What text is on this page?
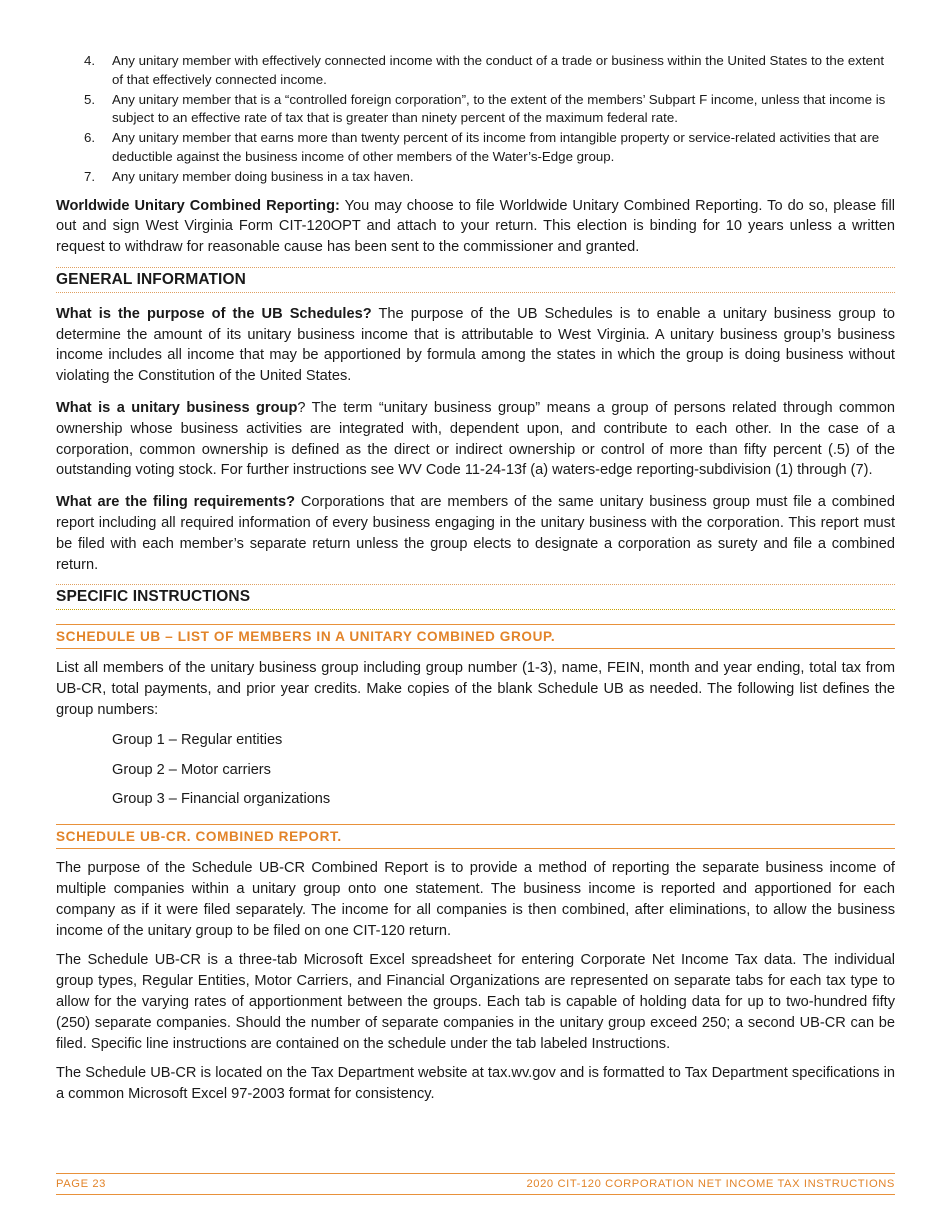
4. Any unitary member with effectively connected income with the conduct of a trade or business within the United States to the extent of that effectively connected income.
5. Any unitary member that is a “controlled foreign corporation”, to the extent of the members’ Subpart F income, unless that income is subject to an effective rate of tax that is greater than ninety percent of the maximum federal rate.
6. Any unitary member that earns more than twenty percent of its income from intangible property or service-related activities that are deductible against the business income of other members of the Water’s-Edge group.
7. Any unitary member doing business in a tax haven.

Worldwide Unitary Combined Reporting: You may choose to file Worldwide Unitary Combined Reporting. To do so, please fill out and sign West Virginia Form CIT-120OPT and attach to your return. This election is binding for 10 years unless a written request to withdraw for reasonable cause has been sent to the commissioner and granted.

GENERAL INFORMATION

What is the purpose of the UB Schedules? The purpose of the UB Schedules is to enable a unitary business group to determine the amount of its unitary business income that is attributable to West Virginia. A unitary business group’s business income includes all income that may be apportioned by formula among the states in which the group is doing business without violating the Constitution of the United States.

What is a unitary business group? The term “unitary business group” means a group of persons related through common ownership whose business activities are integrated with, dependent upon, and contribute to each other. In the case of a corporation, common ownership is defined as the direct or indirect ownership or control of more than fifty percent (.5) of the outstanding voting stock. For further instructions see WV Code 11-24-13f (a) waters-edge reporting-subdivision (1) through (7).

What are the filing requirements? Corporations that are members of the same unitary business group must file a combined report including all required information of every business engaging in the unitary business with the corporation. This report must be filed with each member’s separate return unless the group elects to designate a corporation as surety and file a combined return.

SPECIFIC INSTRUCTIONS
SCHEDULE UB – LIST OF MEMBERS IN A UNITARY COMBINED GROUP.

List all members of the unitary business group including group number (1-3), name, FEIN, month and year ending, total tax from UB-CR, total payments, and prior year credits. Make copies of the blank Schedule UB as needed. The following list defines the group numbers:

Group 1 – Regular entities

Group 2 – Motor carriers

Group 3 – Financial organizations

SCHEDULE UB-CR. COMBINED REPORT.

The purpose of the Schedule UB-CR Combined Report is to provide a method of reporting the separate business income of multiple companies within a unitary group onto one statement. The business income is reported and apportioned for each company as if it were filed separately. The income for all companies is then combined, after eliminations, to allow the business income of the unitary group to be filed on one CIT-120 return.

The Schedule UB-CR is a three-tab Microsoft Excel spreadsheet for entering Corporate Net Income Tax data. The individual group types, Regular Entities, Motor Carriers, and Financial Organizations are represented on separate tabs for each tax type to allow for the varying rates of apportionment between the groups. Each tab is capable of holding data for up to two-hundred fifty (250) separate companies. Should the number of separate companies in the unitary group exceed 250; a second UB-CR can be filed. Specific line instructions are contained on the schedule under the tab labeled Instructions.

The Schedule UB-CR is located on the Tax Department website at tax.wv.gov and is formatted to Tax Department specifications in a common Microsoft Excel 97-2003 format for consistency.

PAGE 23	2020 CIT-120 CORPORATION NET INCOME TAX INSTRUCTIONS
